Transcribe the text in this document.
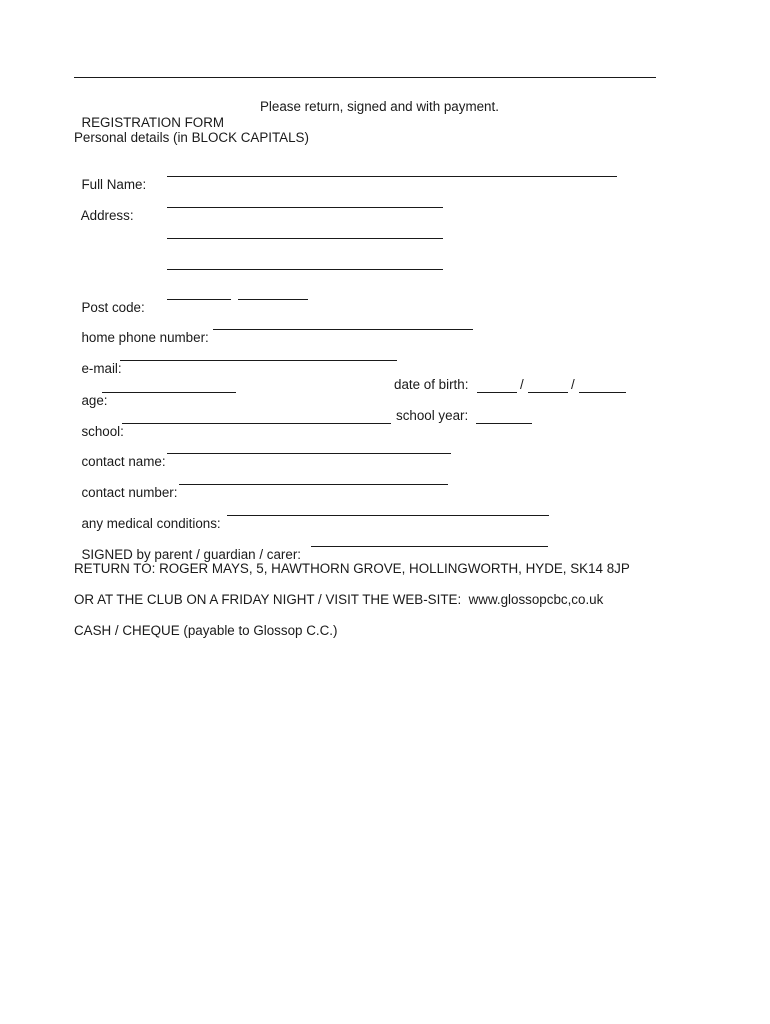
REGISTRATION FORM

Please return, signed and with payment.

Personal details (in BLOCK CAPITALS)

Full Name:

Address:

Post code:

home phone number:

e-mail:

age:

date of birth:	/	/

school:

school year:

contact name:

contact number:

any medical conditions:

SIGNED by parent / guardian / carer:

RETURN TO: ROGER MAYS, 5, HAWTHORN GROVE, HOLLINGWORTH, HYDE, SK14 8JP
OR AT THE CLUB ON A FRIDAY NIGHT / VISIT THE WEB-SITE:  www.glossopcbc,co.uk
CASH / CHEQUE (payable to Glossop C.C.)
